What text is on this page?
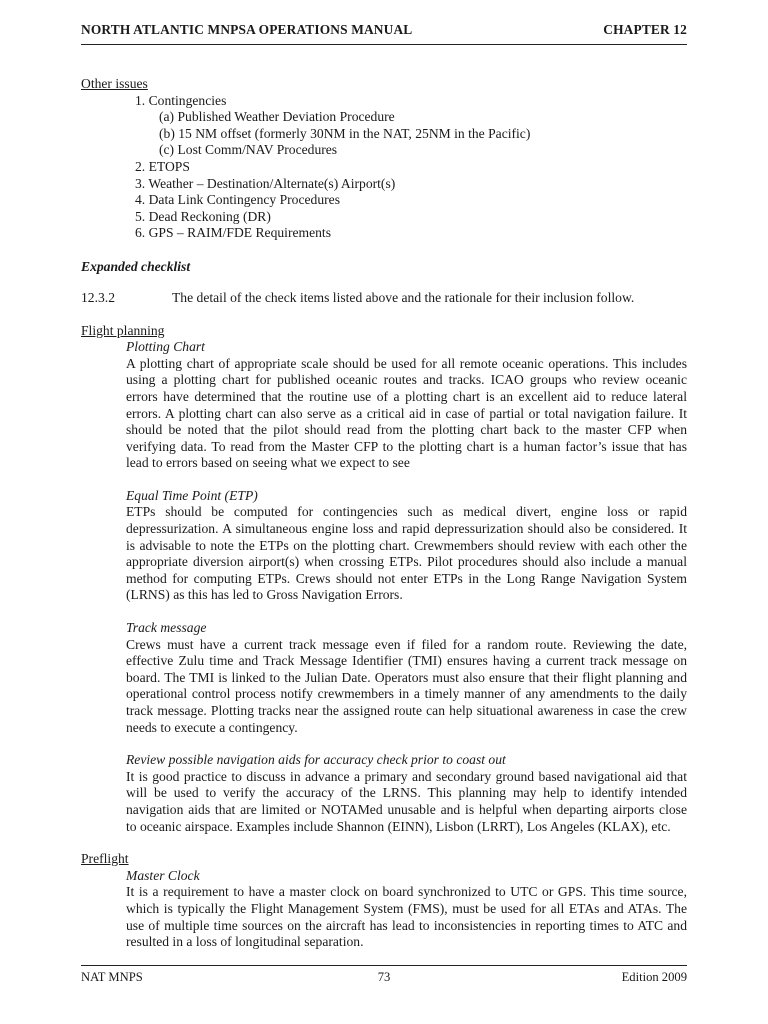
NORTH ATLANTIC MNPSA OPERATIONS MANUAL	CHAPTER 12
Other issues
1. Contingencies
(a) Published Weather Deviation Procedure
(b) 15 NM offset (formerly 30NM in the NAT, 25NM in the Pacific)
(c) Lost Comm/NAV Procedures
2. ETOPS
3. Weather – Destination/Alternate(s) Airport(s)
4. Data Link Contingency Procedures
5. Dead Reckoning (DR)
6. GPS – RAIM/FDE Requirements
Expanded checklist
12.3.2	The detail of the check items listed above and the rationale for their inclusion follow.
Flight planning
Plotting Chart
A plotting chart of appropriate scale should be used for all remote oceanic operations. This includes
using a plotting chart for published oceanic routes and tracks. ICAO groups who review oceanic
errors have determined that the routine use of a plotting chart is an excellent aid to reduce lateral
errors. A plotting chart can also serve as a critical aid in case of partial or total navigation failure. It
should be noted that the pilot should read from the plotting chart back to the master CFP when
verifying data. To read from the Master CFP to the plotting chart is a human factor’s issue that has
lead to errors based on seeing what we expect to see
Equal Time Point (ETP)
ETPs should be computed for contingencies such as medical divert, engine loss or rapid
depressurization. A simultaneous engine loss and rapid depressurization should also be considered. It
is advisable to note the ETPs on the plotting chart. Crewmembers should review with each other the
appropriate diversion airport(s) when crossing ETPs. Pilot procedures should also include a manual
method for computing ETPs. Crews should not enter ETPs in the Long Range Navigation System
(LRNS) as this has led to Gross Navigation Errors.
Track message
Crews must have a current track message even if filed for a random route. Reviewing the date,
effective Zulu time and Track Message Identifier (TMI) ensures having a current track message on
board. The TMI is linked to the Julian Date. Operators must also ensure that their flight planning and
operational control process notify crewmembers in a timely manner of any amendments to the daily
track message. Plotting tracks near the assigned route can help situational awareness in case the crew
needs to execute a contingency.
Review possible navigation aids for accuracy check prior to coast out
It is good practice to discuss in advance a primary and secondary ground based navigational aid that
will be used to verify the accuracy of the LRNS. This planning may help to identify intended
navigation aids that are limited or NOTAMed unusable and is helpful when departing airports close
to oceanic airspace. Examples include Shannon (EINN), Lisbon (LRRT), Los Angeles (KLAX), etc.
Preflight
Master Clock
It is a requirement to have a master clock on board synchronized to UTC or GPS. This time source,
which is typically the Flight Management System (FMS), must be used for all ETAs and ATAs. The
use of multiple time sources on the aircraft has lead to inconsistencies in reporting times to ATC and
resulted in a loss of longitudinal separation.
NAT MNPS	73	Edition 2009
